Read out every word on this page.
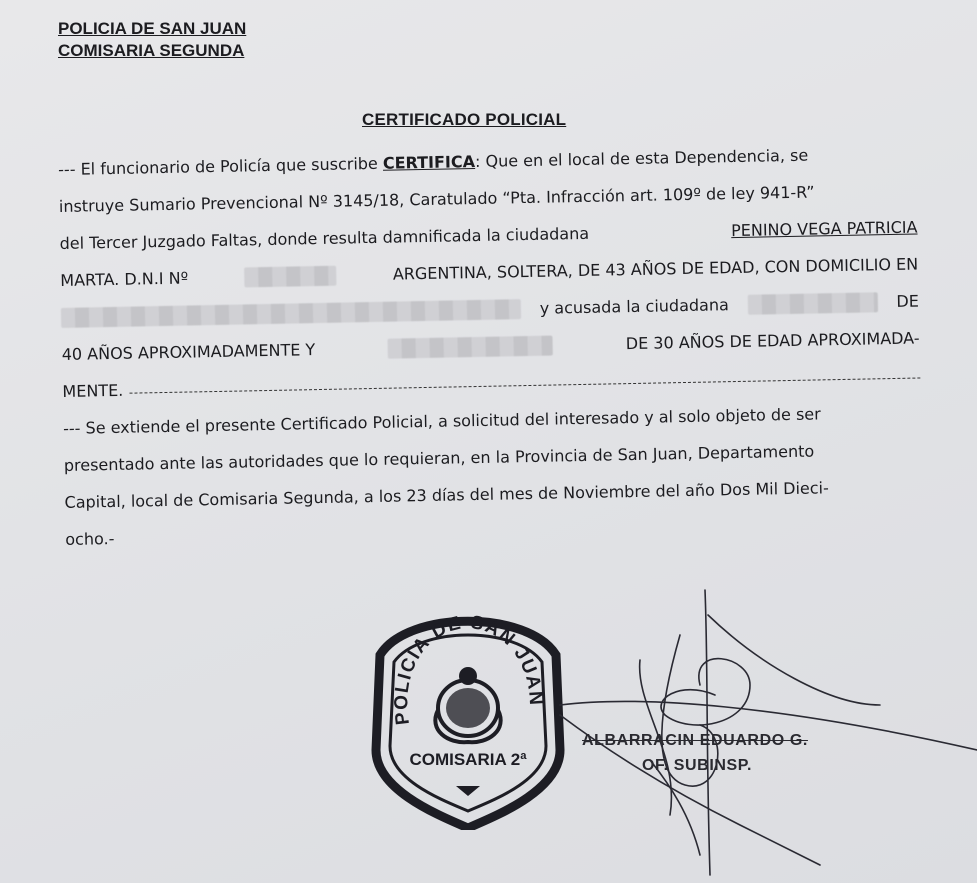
POLICIA DE SAN JUAN
COMISARIA SEGUNDA
CERTIFICADO POLICIAL
--- El funcionario de Policía que suscribe CERTIFICA: Que en el local de esta Dependencia, se
instruye Sumario Prevencional Nº 3145/18, Caratulado “Pta. Infracción art. 109º de ley 941-R”
del Tercer Juzgado Faltas, donde resulta damnificada la ciudadana	PENINO VEGA PATRICIA
MARTA. D.N.I Nº	ARGENTINA, SOLTERA, DE 43 AÑOS DE EDAD, CON DOMICILIO EN
y acusada la ciudadana	DE
40 AÑOS APROXIMADAMENTE Y	DE 30 AÑOS DE EDAD APROXIMADA-
MENTE.
--- Se extiende el presente Certificado Policial, a solicitud del interesado y al solo objeto de ser
presentado ante las autoridades que lo requieran, en la Provincia de San Juan, Departamento
Capital, local de Comisaria Segunda, a los 23 días del mes de Noviembre del año Dos Mil Dieci-
ocho.-
POLICIA DE SAN JUAN
COMISARIA 2ª
ALBARRACIN EDUARDO G.
OF. SUBINSP.
